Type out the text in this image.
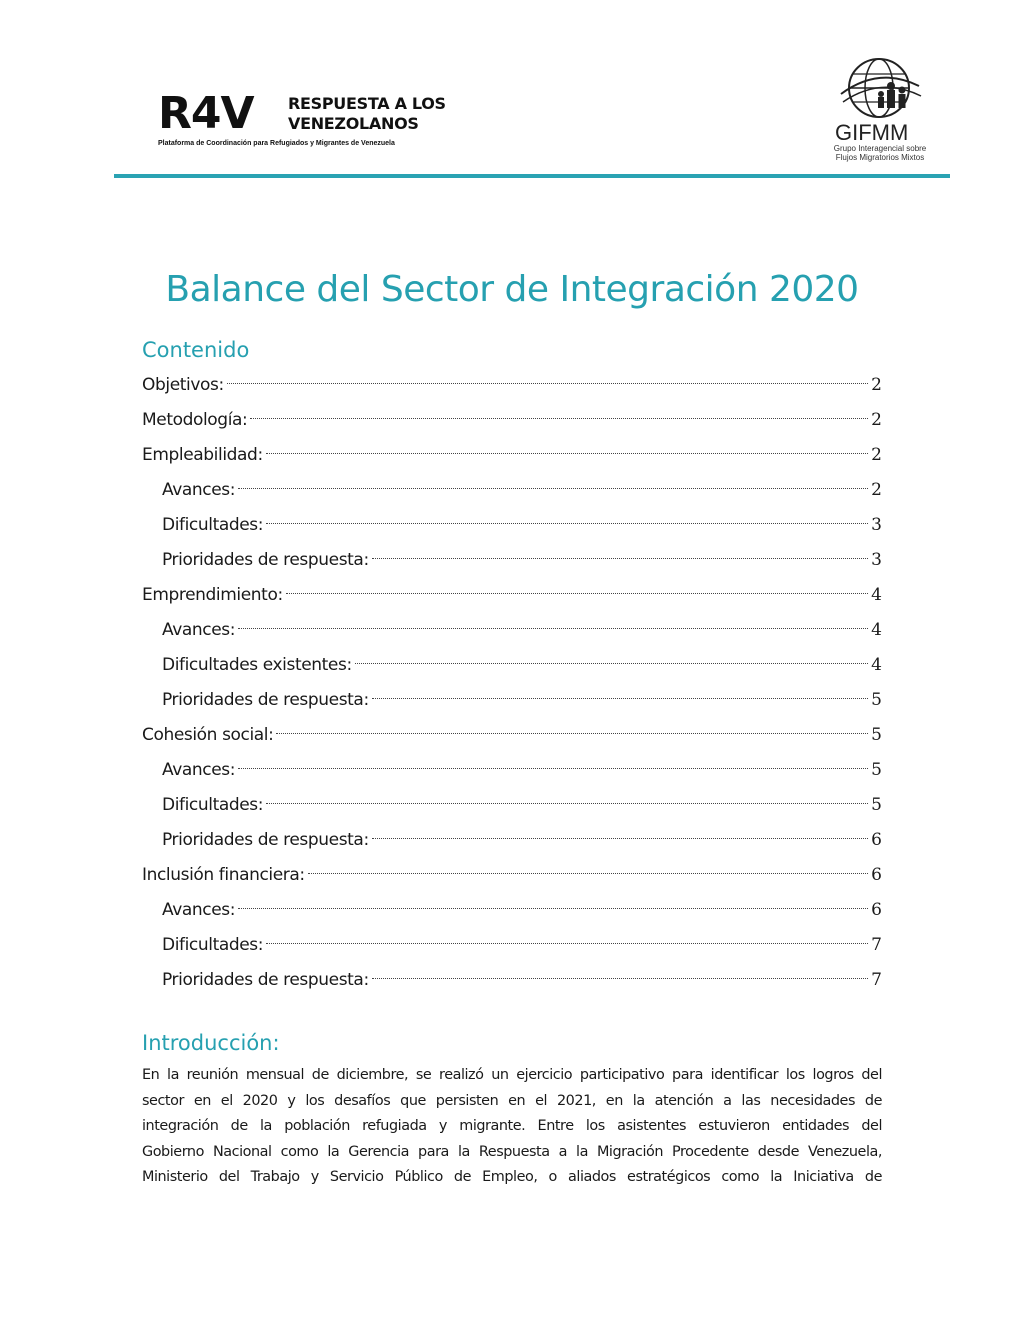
R4V RESPUESTA A LOS
VENEZOLANOS
Plataforma de Coordinación para Refugiados y Migrantes de Venezuela	GIFMM
Grupo Interagencial sobre
Flujos Migratorios Mixtos
Balance del Sector de Integración 2020
Contenido
Objetivos:	2
Metodología:	2
Empleabilidad:	2
Avances:	2
Dificultades:	3
Prioridades de respuesta:	3
Emprendimiento:	4
Avances:	4
Dificultades existentes:	4
Prioridades de respuesta:	5
Cohesión social:	5
Avances:	5
Dificultades:	5
Prioridades de respuesta:	6
Inclusión financiera:	6
Avances:	6
Dificultades:	7
Prioridades de respuesta:	7
Introducción:

En la reunión mensual de diciembre, se realizó un ejercicio participativo para identificar los logros del
sector en el 2020 y los desafíos que persisten en el 2021, en la atención a las necesidades de
integración de la población refugiada y migrante. Entre los asistentes estuvieron entidades del
Gobierno Nacional como la Gerencia para la Respuesta a la Migración Procedente desde Venezuela,
Ministerio del Trabajo y Servicio Público de Empleo, o aliados estratégicos como la Iniciativa de
